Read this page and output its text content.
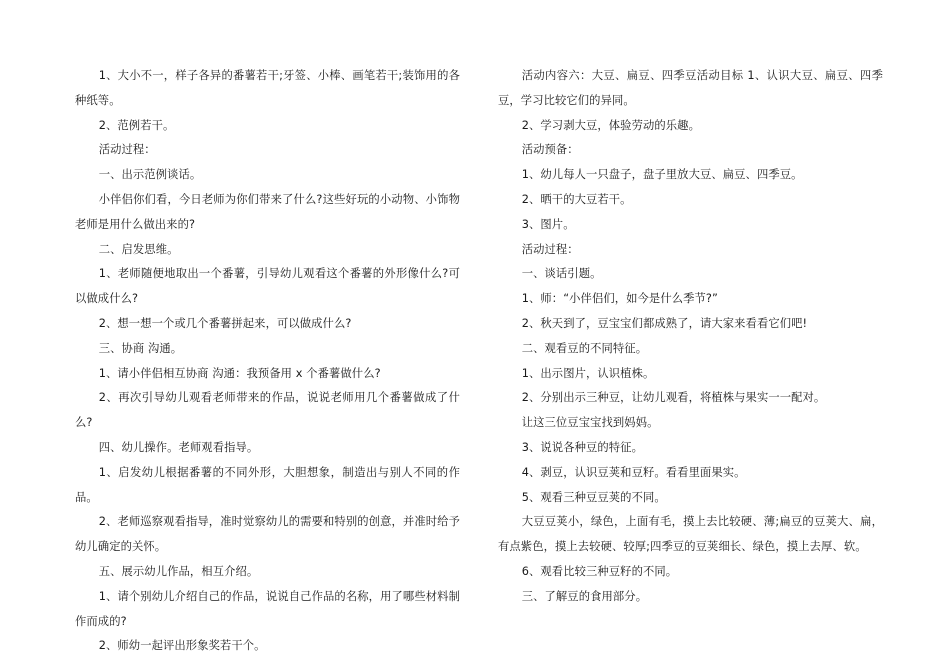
1、大小不一，样子各异的番薯若干;牙签、小棒、画笔若干;装饰用的各种纸等。

2、范例若干。

活动过程：

一、出示范例谈话。

小伴侣你们看，今日老师为你们带来了什么?这些好玩的小动物、小饰物老师是用什么做出来的?

二、启发思维。

1、老师随便地取出一个番薯，引导幼儿观看这个番薯的外形像什么?可以做成什么?

2、想一想一个或几个番薯拼起来，可以做成什么?

三、协商 沟通。

1、请小伴侣相互协商 沟通：我预备用 x 个番薯做什么?

2、再次引导幼儿观看老师带来的作品，说说老师用几个番薯做成了什么?

四、幼儿操作。老师观看指导。

1、启发幼儿根据番薯的不同外形，大胆想象，制造出与别人不同的作品。

2、老师巡察观看指导，准时觉察幼儿的需要和特别的创意，并准时给予幼儿确定的关怀。

五、展示幼儿作品，相互介绍。

1、请个别幼儿介绍自己的作品，说说自己作品的名称，用了哪些材料制作而成的?

2、师幼一起评出形象奖若干个。

活动内容六：大豆、扁豆、四季豆活动目标 1、认识大豆、扁豆、四季豆，学习比较它们的异同。

2、学习剥大豆，体验劳动的乐趣。

活动预备：

1、幼儿每人一只盘子，盘子里放大豆、扁豆、四季豆。

2、晒干的大豆若干。

3、图片。

活动过程：

一、谈话引题。

1、师：“小伴侣们，如今是什么季节?”

2、秋天到了，豆宝宝们都成熟了，请大家来看看它们吧!

二、观看豆的不同特征。

1、出示图片，认识植株。

2、分别出示三种豆，让幼儿观看，将植株与果实一一配对。

让这三位豆宝宝找到妈妈。

3、说说各种豆的特征。

4、剥豆，认识豆荚和豆籽。看看里面果实。

5、观看三种豆豆荚的不同。

大豆豆荚小，绿色，上面有毛，摸上去比较硬、薄;扁豆的豆荚大、扁，有点紫色，摸上去较硬、较厚;四季豆的豆荚细长、绿色，摸上去厚、软。

6、观看比较三种豆籽的不同。

三、了解豆的食用部分。
